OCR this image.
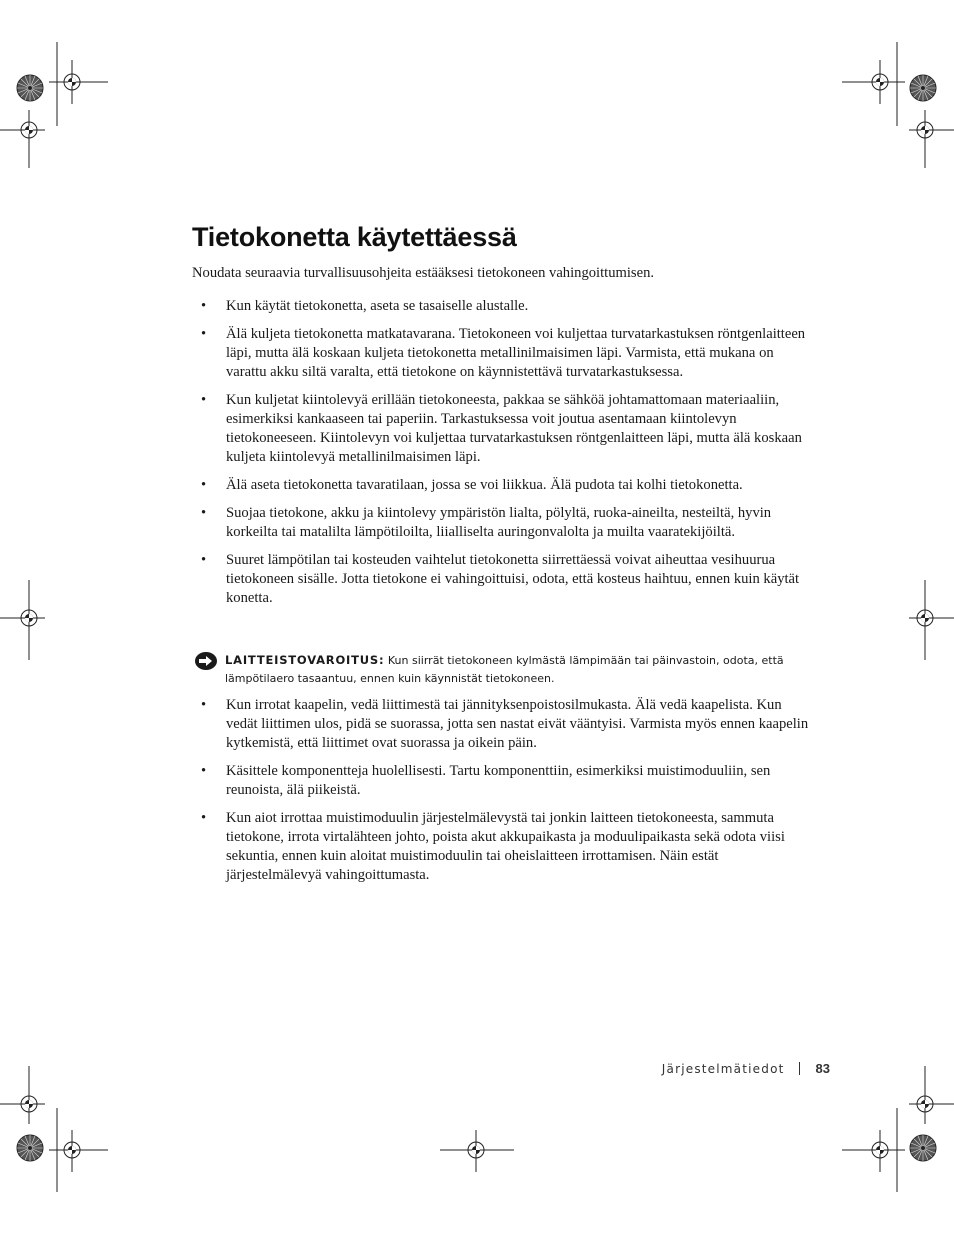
Tietokonetta käytettäessä

Noudata seuraavia turvallisuusohjeita estääksesi tietokoneen vahingoittumisen.

• Kun käytät tietokonetta, aseta se tasaiselle alustalle.
• Älä kuljeta tietokonetta matkatavarana. Tietokoneen voi kuljettaa turvatarkastuksen röntgenlaitteen läpi, mutta älä koskaan kuljeta tietokonetta metallinilmaisimen läpi. Varmista, että mukana on varattu akku siltä varalta, että tietokone on käynnistettävä turvatarkastuksessa.
• Kun kuljetat kiintolevyä erillään tietokoneesta, pakkaa se sähköä johtamattomaan materiaaliin, esimerkiksi kankaaseen tai paperiin. Tarkastuksessa voit joutua asentamaan kiintolevyn tietokoneeseen. Kiintolevyn voi kuljettaa turvatarkastuksen röntgenlaitteen läpi, mutta älä koskaan kuljeta kiintolevyä metallinilmaisimen läpi.
• Älä aseta tietokonetta tavaratilaan, jossa se voi liikkua. Älä pudota tai kolhi tietokonetta.
• Suojaa tietokone, akku ja kiintolevy ympäristön lialta, pölyltä, ruoka-aineilta, nesteiltä, hyvin korkeilta tai matalilta lämpötiloilta, liialliselta auringonvalolta ja muilta vaaratekijöiltä.
• Suuret lämpötilan tai kosteuden vaihtelut tietokonetta siirrettäessä voivat aiheuttaa vesihuurua tietokoneen sisälle. Jotta tietokone ei vahingoittuisi, odota, että kosteus haihtuu, ennen kuin käytät konetta.

LAITTEISTOVAROITUS: Kun siirrät tietokoneen kylmästä lämpimään tai päinvastoin, odota, että lämpötilaero tasaantuu, ennen kuin käynnistät tietokoneen.

• Kun irrotat kaapelin, vedä liittimestä tai jännityksenpoistosilmukasta. Älä vedä kaapelista. Kun vedät liittimen ulos, pidä se suorassa, jotta sen nastat eivät vääntyisi. Varmista myös ennen kaapelin kytkemistä, että liittimet ovat suorassa ja oikein päin.
• Käsittele komponentteja huolellisesti. Tartu komponenttiin, esimerkiksi muistimoduuliin, sen reunoista, älä piikeistä.
• Kun aiot irrottaa muistimoduulin järjestelmälevystä tai jonkin laitteen tietokoneesta, sammuta tietokone, irrota virtalähteen johto, poista akut akkupaikasta ja moduulipaikasta sekä odota viisi sekuntia, ennen kuin aloitat muistimoduulin tai oheislaitteen irrottamisen. Näin estät järjestelmälevyä vahingoittumasta.
Järjestelmätiedot 83
